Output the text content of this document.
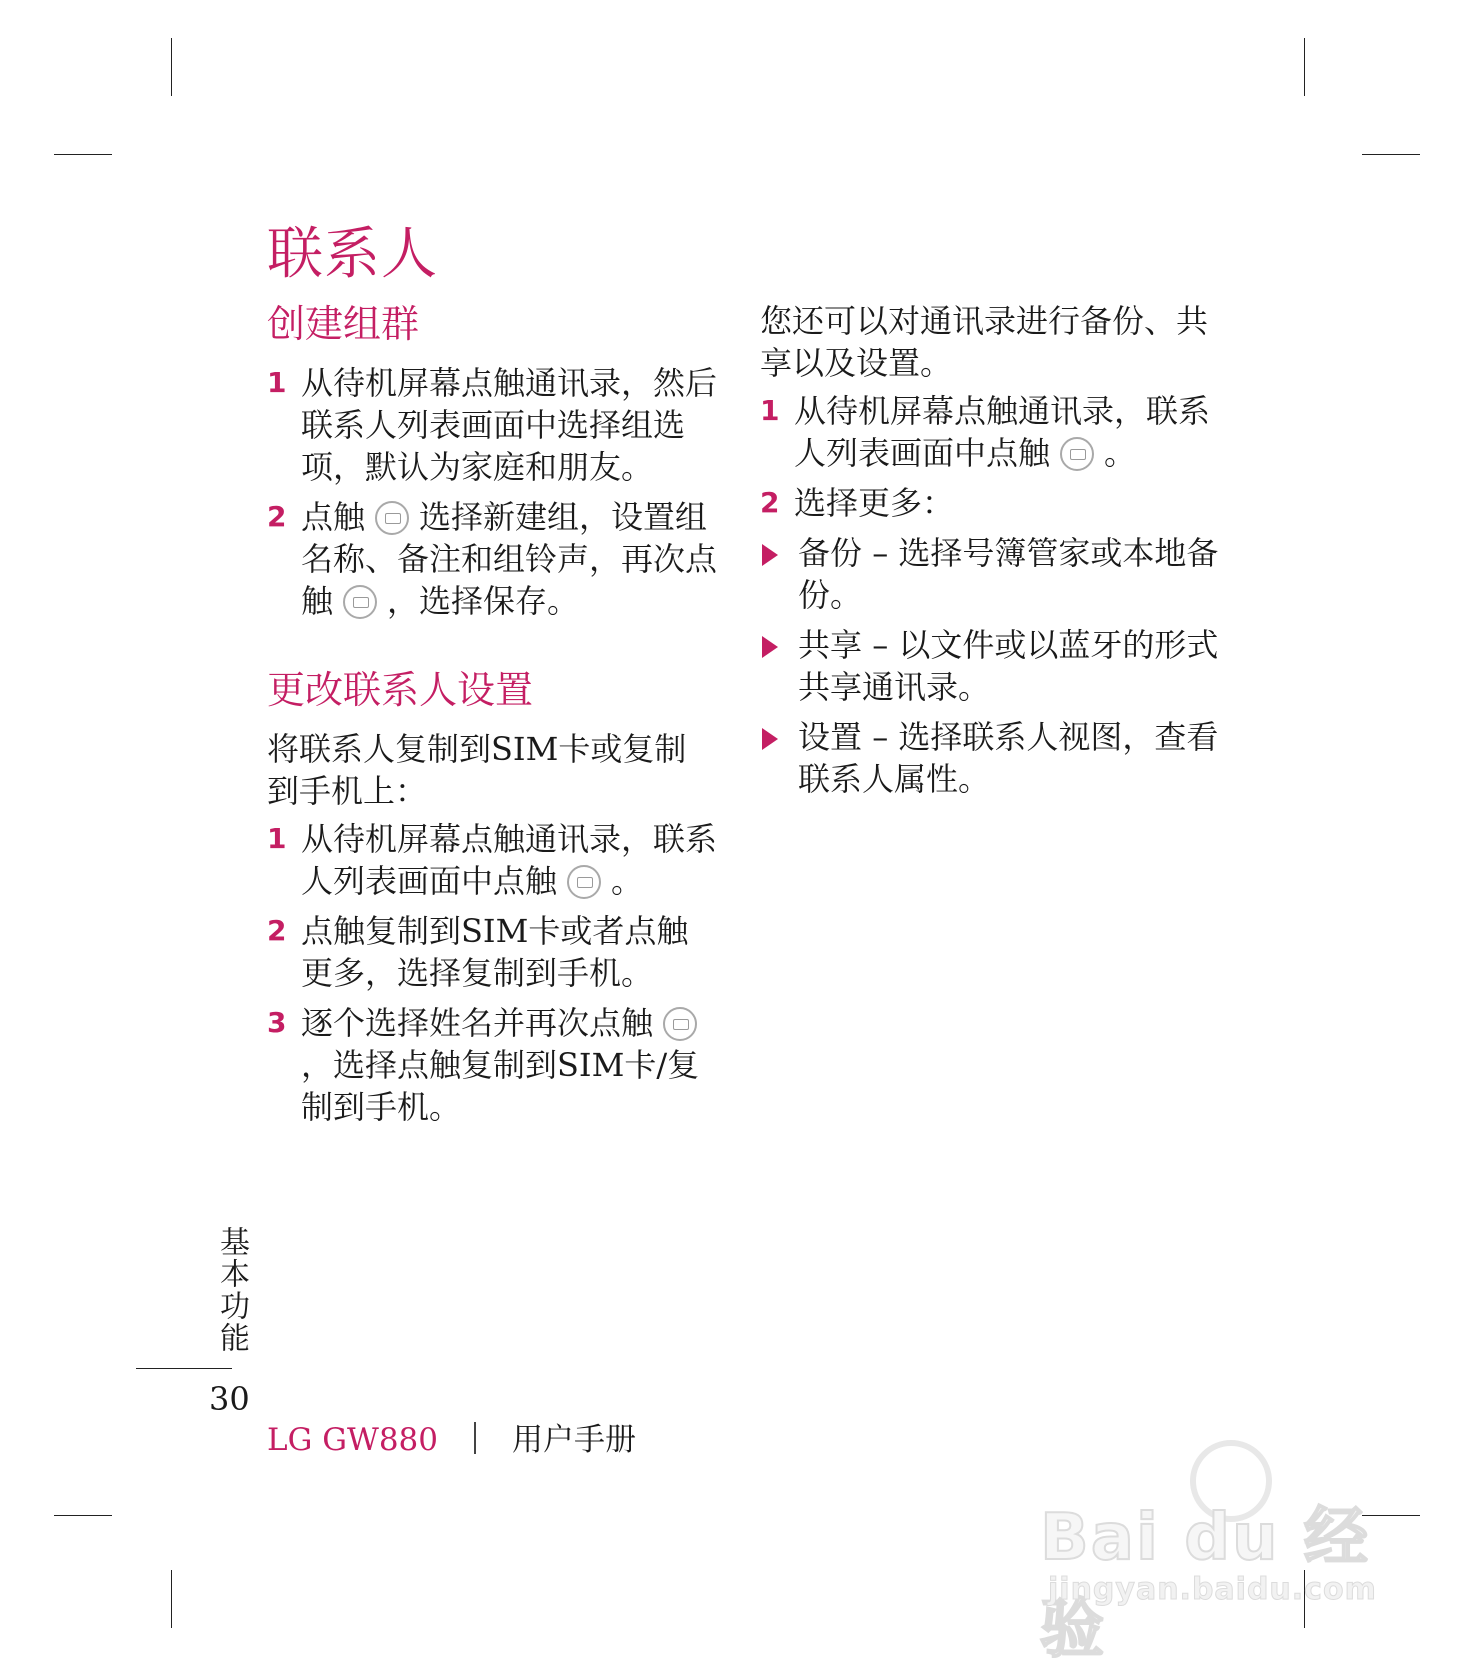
联系人
创建组群
1 从待机屏幕点触通讯录，然后联系人列表画面中选择组选项，默认为家庭和朋友。
2 点触 选择新建组，设置组名称、备注和组铃声，再次点触 ，选择保存。
更改联系人设置

将联系人复制到SIM卡或复制到手机上：

1 从待机屏幕点触通讯录，联系人列表画面中点触 。
2 点触复制到SIM卡或者点触更多，选择复制到手机。
3 逐个选择姓名并再次点触，选择点触复制到SIM卡/复制到手机。

您还可以对通讯录进行备份、共享以及设置。

1 从待机屏幕点触通讯录，联系人列表画面中点触 。
2 选择更多：
备份 – 选择号簿管家或本地备份。
共享 – 以文件或以蓝牙的形式共享通讯录。
设置 – 选择联系人视图，查看联系人属性。
基本功能
30
LG GW880 用户手册
Bai du 经验
jingyan.baidu.com
